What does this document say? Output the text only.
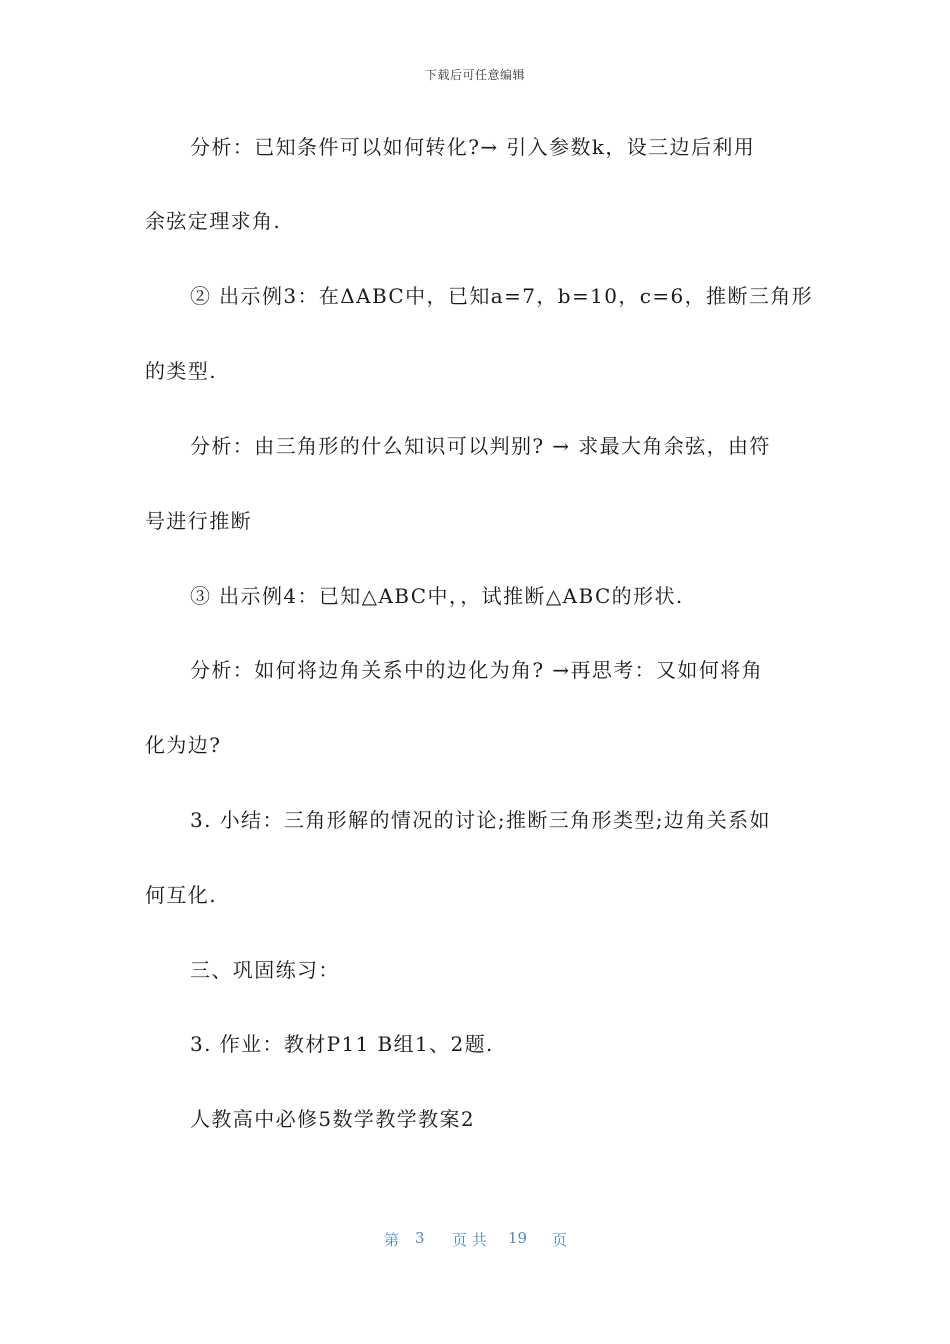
下载后可任意编辑
分析：已知条件可以如何转化?→ 引入参数k，设三边后利用
余弦定理求角.
② 出示例3：在ΔABC中，已知a=7，b=10，c=6，推断三角形
的类型.
分析：由三角形的什么知识可以判别? → 求最大角余弦，由符
号进行推断
③ 出示例4：已知△ABC中，，试推断△ABC的形状.
分析：如何将边角关系中的边化为角? →再思考：又如何将角
化为边?
3. 小结：三角形解的情况的讨论;推断三角形类型;边角关系如
何互化.
三、巩固练习：
3. 作业：教材P11 B组1、2题.
人教高中必修5数学教学教案2
第 3 页 共 19 页
